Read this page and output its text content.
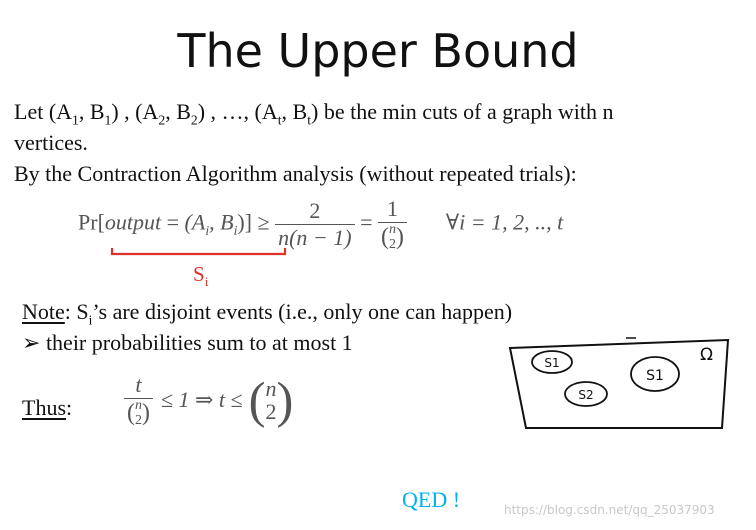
The Upper Bound
Let ($A_1$, $B_1$) , ($A_2$, $B_2$) , …, ($A_t$, $B_t$) be the min cuts of a graph with n
vertices.
By the Contraction Algorithm analysis (without repeated trials):
Pr[output = ($A_i$, $B_i)] \ge \frac{2}{n(n - 1)} = 1$
( n
2 ) ∀i = 1, 2, .., t
$S_i$
Note: $S_i’s$ are disjoint events (i.e., only one can happen)
➢ their probabilities sum to at most 1
Thus: t
( n
2 ) ≤ 1 ⇒ t ≤ ( n
2 )
S1
S2
S1
Ω
QED !	https://blog.csdn.net/qq_25037903
